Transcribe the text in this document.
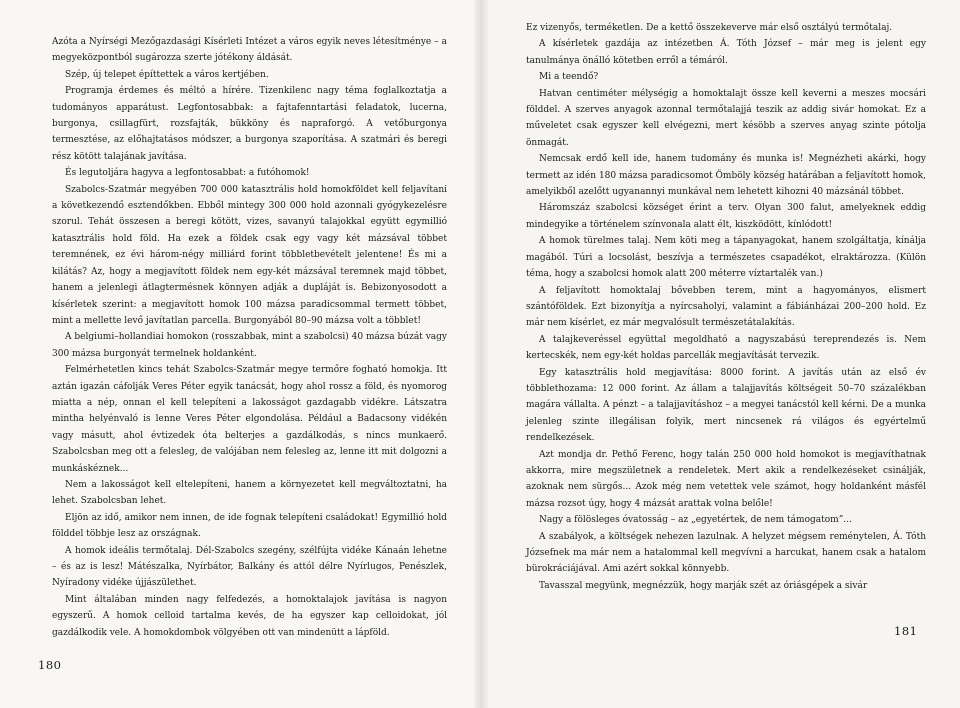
Azóta a Nyírségi Mezőgazdasági Kísérleti Intézet a város egyik neves létesítménye – a megyeközpontból sugározza szerte jótékony áldását.

Szép, új telepet építtettek a város kertjében.

Programja érdemes és méltó a hírére. Tizenkilenc nagy téma foglalkoztatja a tudományos apparátust. Legfontosabbak: a fajtafenntartási feladatok, lucerna, burgonya, csillagfürt, rozsfajták, bükköny és napraforgó. A vetőburgonya termesztése, az előhajtatásos módszer, a burgonya szaporítása. A szatmári és beregi rész kötött talajának javítása.

És legutoljára hagyva a legfontosabbat: a futóhomok!

Szabolcs-Szatmár megyében 700 000 katasztrális hold homokföldet kell feljavítani a következendő esztendőkben. Ebből mintegy 300 000 hold azonnali gyógykezelésre szorul. Tehát összesen a beregi kötött, vizes, savanyú talajokkal együtt egymillió katasztrális hold föld. Ha ezek a földek csak egy vagy két mázsával többet teremnének, ez évi három-négy milliárd forint többletbevételt jelentene! És mi a kilátás? Az, hogy a megjavított földek nem egy-két mázsával teremnek majd többet, hanem a jelenlegi átlagtermésnek könnyen adják a dupláját is. Bebizonyosodott a kísérletek szerint: a megjavított homok 100 mázsa paradicsommal termett többet, mint a mellette levő javítatlan parcella. Burgonyából 80–90 mázsa volt a többlet!

A belgiumi–hollandiai homokon (rosszabbak, mint a szabolcsi) 40 mázsa búzát vagy 300 mázsa burgonyát termelnek holdanként.

Felmérhetetlen kincs tehát Szabolcs-Szatmár megye termőre fogható homokja. Itt aztán igazán cáfolják Veres Péter egyik tanácsát, hogy ahol rossz a föld, és nyomorog miatta a nép, onnan el kell telepíteni a lakosságot gazdagabb vidékre. Látszatra mintha helyénvaló is lenne Veres Péter elgondolása. Például a Badacsony vidékén vagy másutt, ahol évtizedek óta belterjes a gazdálkodás, s nincs munkaerő. Szabolcsban meg ott a felesleg, de valójában nem felesleg az, lenne itt mit dolgozni a munkáskéznek...

Nem a lakosságot kell eltelepíteni, hanem a környezetet kell megváltoztatni, ha lehet. Szabolcsban lehet.

Eljön az idő, amikor nem innen, de ide fognak telepíteni családokat! Egymillió hold földdel többje lesz az országnak.

A homok ideális termőtalaj. Dél-Szabolcs szegény, szélfújta vidéke Kánaán lehetne – és az is lesz! Mátészalka, Nyírbátor, Balkány és attól délre Nyírlugos, Penészlek, Nyíradony vidéke újjászülethet.

Mint általában minden nagy felfedezés, a homoktalajok javítása is nagyon egyszerű. A homok celloid tartalma kevés, de ha egyszer kap celloidokat, jól gazdálkodik vele. A homokdombok völgyében ott van mindenütt a lápföld.

180

Ez vizenyős, terméketlen. De a kettő összekeverve már első osztályú termőtalaj.

A kísérletek gazdája az intézetben Á. Tóth József – már meg is jelent egy tanulmánya önálló kötetben erről a témáról.

Mi a teendő?

Hatvan centiméter mélységig a homoktalajt össze kell keverni a meszes mocsári földdel. A szerves anyagok azonnal termőtalajjá teszik az addig sivár homokat. Ez a műveletet csak egyszer kell elvégezni, mert késöbb a szerves anyag szinte pótolja önmagát.

Nemcsak erdő kell ide, hanem tudomány és munka is! Megnézheti akárki, hogy termett az idén 180 mázsa paradicsomot Ömböly község határában a feljavított homok, amelyikből azelőtt ugyanannyi munkával nem lehetett kihozni 40 mázsánál többet.

Háromszáz szabolcsi községet érint a terv. Olyan 300 falut, amelyeknek eddig mindegyike a történelem színvonala alatt élt, kiszködött, kínlódott!

A homok türelmes talaj. Nem köti meg a tápanyagokat, hanem szolgáltatja, kínálja magából. Túri a locsolást, beszívja a természetes csapadékot, elraktározza. (Külön téma, hogy a szabolcsi homok alatt 200 méterre víztartalék van.)

A feljavított homoktalaj bővebben terem, mint a hagyományos, elismert szántóföldek. Ezt bizonyítja a nyírcsaholyi, valamint a fábiánházai 200–200 hold. Ez már nem kísérlet, ez már megvalósult természetátalakítás.

A talajkeveréssel együttal megoldható a nagyszabású tereprendezés is. Nem kertecskék, nem egy-két holdas parcellák megjavítását tervezik.

Egy katasztrális hold megjavítása: 8000 forint. A javítás után az első év többlethozama: 12 000 forint. Az állam a talajjavítás költségeit 50–70 százalékban magára vállalta. A pénzt – a talajjavításhoz – a megyei tanácstól kell kérni. De a munka jelenleg szinte illegálisan folyik, mert nincsenek rá világos és egyértelmű rendelkezések.

Azt mondja dr. Pethő Ferenc, hogy talán 250 000 hold homokot is megjavíthatnak akkorra, mire megszületnek a rendeletek. Mert akik a rendelkezéseket csinálják, azoknak nem sürgős... Azok még nem vetettek vele számot, hogy holdanként másfél mázsa rozsot úgy, hogy 4 mázsát arattak volna belőle!

Nagy a fölösleges óvatosság – az „egyetértek, de nem támogatom”...

A szabályok, a költségek nehezen lazulnak. A helyzet mégsem reménytelen, Á. Tóth Józsefnek ma már nem a hatalommal kell megvívni a harcukat, hanem csak a hatalom bürokráciájával. Ami azért sokkal könnyebb.

Tavasszal megyünk, megnézzük, hogy marják szét az óriásgépek a sivár

181
